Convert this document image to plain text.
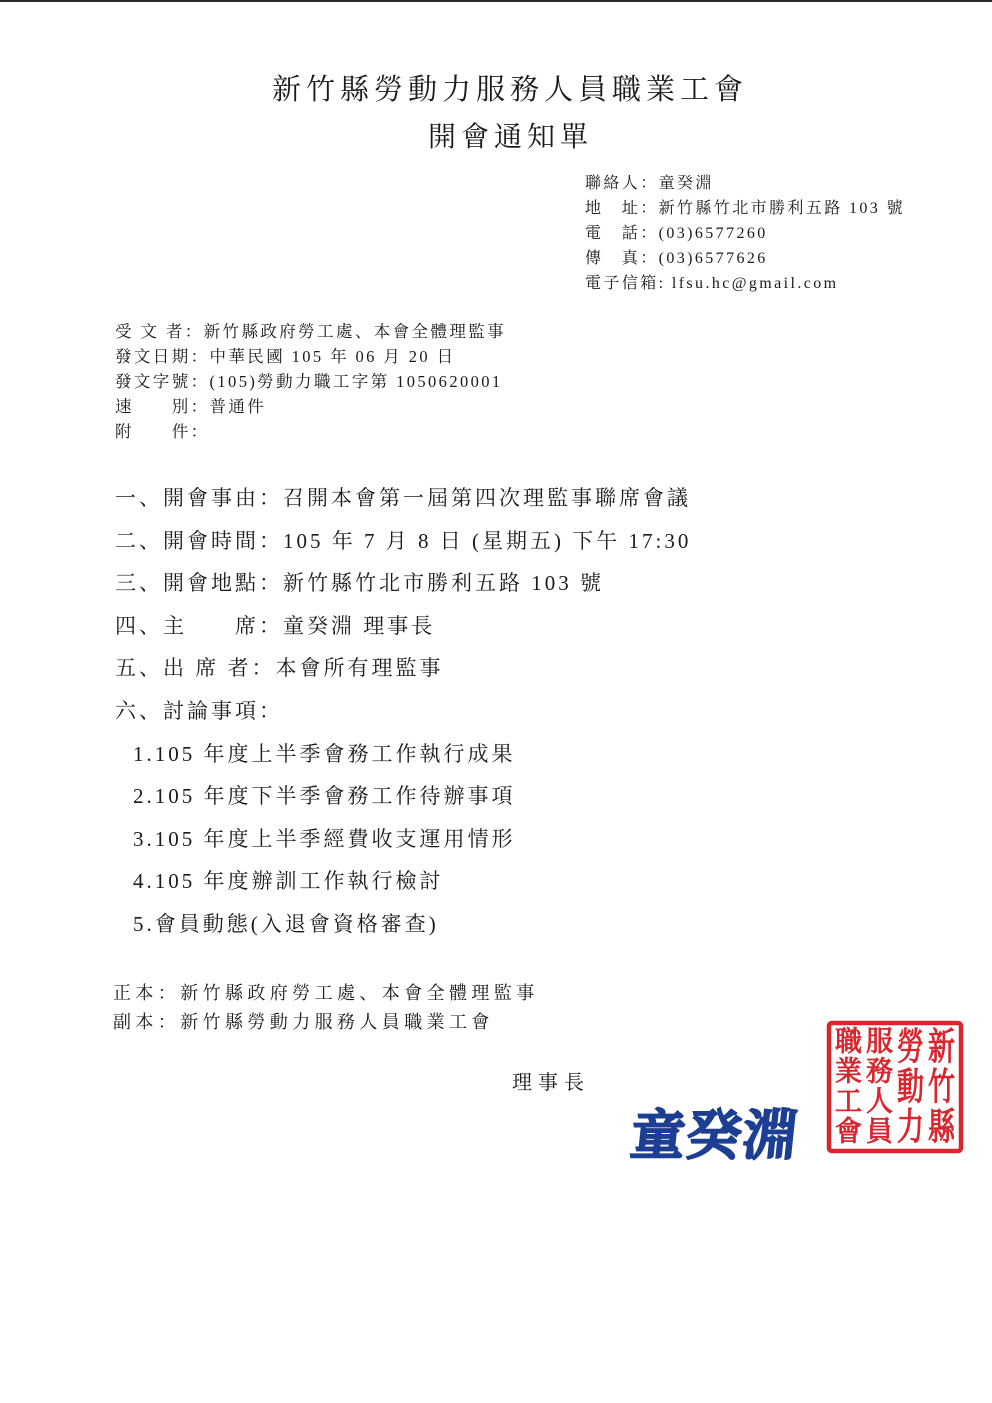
新竹縣勞動力服務人員職業工會
開會通知單
聯絡人：童癸淵
地　址：新竹縣竹北市勝利五路 103 號
電　話：(03)6577260
傳　真：(03)6577626
電子信箱: lfsu.hc@gmail.com
受 文 者：新竹縣政府勞工處、本會全體理監事
發文日期：中華民國 105 年 06 月 20 日
發文字號：(105)勞動力職工字第 1050620001
速　　別：普通件
附　　件：
一、開會事由：召開本會第一屆第四次理監事聯席會議
二、開會時間：105 年 7 月 8 日 (星期五) 下午 17:30
三、開會地點：新竹縣竹北市勝利五路 103 號
四、主　　席：童癸淵 理事長
五、出 席 者：本會所有理監事
六、討論事項：
1.105 年度上半季會務工作執行成果
2.105 年度下半季會務工作待辦事項
3.105 年度上半季經費收支運用情形
4.105 年度辦訓工作執行檢討
5.會員動態(入退會資格審查)
正本：新竹縣政府勞工處、本會全體理監事
副本：新竹縣勞動力服務人員職業工會
理事長
童癸淵
新
竹
縣
勞
動
力
服
務
人
員
職
業
工
會
